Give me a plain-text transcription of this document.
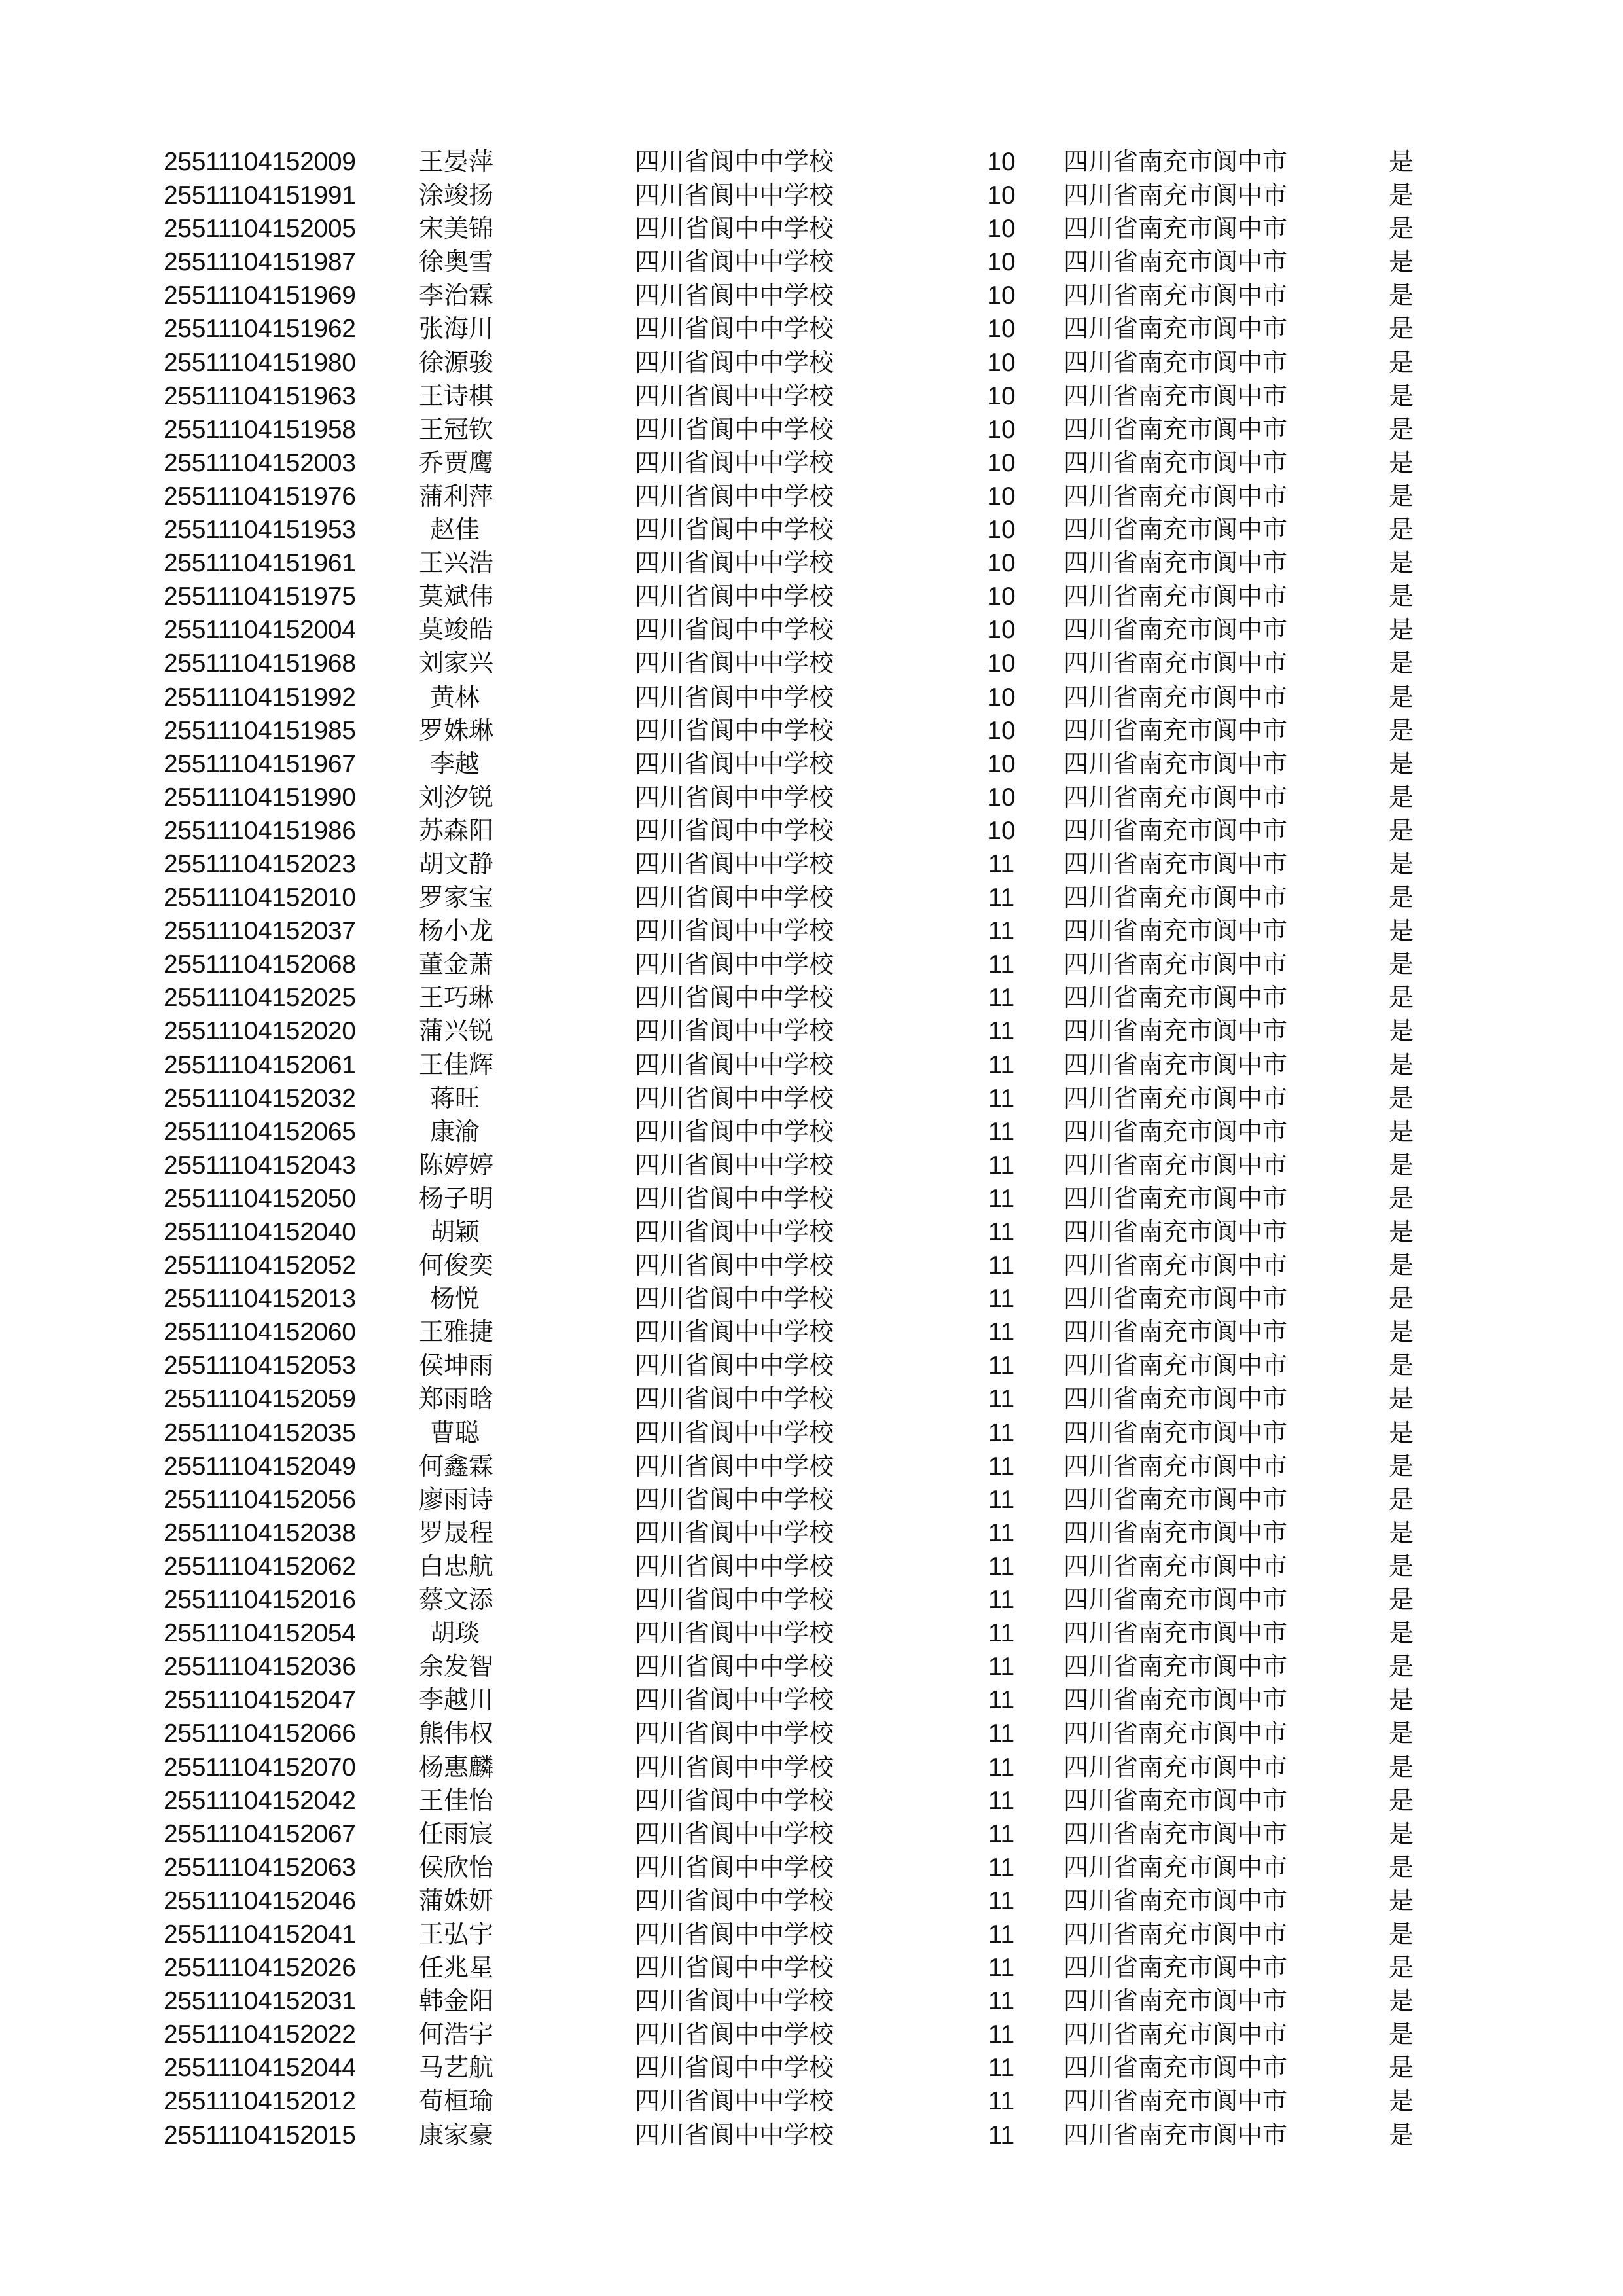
25511104152009	王晏萍	四川省阆中中学校	10	四川省南充市阆中市	是
25511104151991	涂竣扬	四川省阆中中学校	10	四川省南充市阆中市	是
25511104152005	宋美锦	四川省阆中中学校	10	四川省南充市阆中市	是
25511104151987	徐奥雪	四川省阆中中学校	10	四川省南充市阆中市	是
25511104151969	李治霖	四川省阆中中学校	10	四川省南充市阆中市	是
25511104151962	张海川	四川省阆中中学校	10	四川省南充市阆中市	是
25511104151980	徐源骏	四川省阆中中学校	10	四川省南充市阆中市	是
25511104151963	王诗棋	四川省阆中中学校	10	四川省南充市阆中市	是
25511104151958	王冠钦	四川省阆中中学校	10	四川省南充市阆中市	是
25511104152003	乔贾鹰	四川省阆中中学校	10	四川省南充市阆中市	是
25511104151976	蒲利萍	四川省阆中中学校	10	四川省南充市阆中市	是
25511104151953	赵佳	四川省阆中中学校	10	四川省南充市阆中市	是
25511104151961	王兴浩	四川省阆中中学校	10	四川省南充市阆中市	是
25511104151975	莫斌伟	四川省阆中中学校	10	四川省南充市阆中市	是
25511104152004	莫竣皓	四川省阆中中学校	10	四川省南充市阆中市	是
25511104151968	刘家兴	四川省阆中中学校	10	四川省南充市阆中市	是
25511104151992	黄林	四川省阆中中学校	10	四川省南充市阆中市	是
25511104151985	罗姝琳	四川省阆中中学校	10	四川省南充市阆中市	是
25511104151967	李越	四川省阆中中学校	10	四川省南充市阆中市	是
25511104151990	刘汐锐	四川省阆中中学校	10	四川省南充市阆中市	是
25511104151986	苏森阳	四川省阆中中学校	10	四川省南充市阆中市	是
25511104152023	胡文静	四川省阆中中学校	11	四川省南充市阆中市	是
25511104152010	罗家宝	四川省阆中中学校	11	四川省南充市阆中市	是
25511104152037	杨小龙	四川省阆中中学校	11	四川省南充市阆中市	是
25511104152068	董金萧	四川省阆中中学校	11	四川省南充市阆中市	是
25511104152025	王巧琳	四川省阆中中学校	11	四川省南充市阆中市	是
25511104152020	蒲兴锐	四川省阆中中学校	11	四川省南充市阆中市	是
25511104152061	王佳辉	四川省阆中中学校	11	四川省南充市阆中市	是
25511104152032	蒋旺	四川省阆中中学校	11	四川省南充市阆中市	是
25511104152065	康渝	四川省阆中中学校	11	四川省南充市阆中市	是
25511104152043	陈婷婷	四川省阆中中学校	11	四川省南充市阆中市	是
25511104152050	杨子明	四川省阆中中学校	11	四川省南充市阆中市	是
25511104152040	胡颖	四川省阆中中学校	11	四川省南充市阆中市	是
25511104152052	何俊奕	四川省阆中中学校	11	四川省南充市阆中市	是
25511104152013	杨悦	四川省阆中中学校	11	四川省南充市阆中市	是
25511104152060	王雅捷	四川省阆中中学校	11	四川省南充市阆中市	是
25511104152053	侯坤雨	四川省阆中中学校	11	四川省南充市阆中市	是
25511104152059	郑雨晗	四川省阆中中学校	11	四川省南充市阆中市	是
25511104152035	曹聪	四川省阆中中学校	11	四川省南充市阆中市	是
25511104152049	何鑫霖	四川省阆中中学校	11	四川省南充市阆中市	是
25511104152056	廖雨诗	四川省阆中中学校	11	四川省南充市阆中市	是
25511104152038	罗晟程	四川省阆中中学校	11	四川省南充市阆中市	是
25511104152062	白忠航	四川省阆中中学校	11	四川省南充市阆中市	是
25511104152016	蔡文添	四川省阆中中学校	11	四川省南充市阆中市	是
25511104152054	胡琰	四川省阆中中学校	11	四川省南充市阆中市	是
25511104152036	余发智	四川省阆中中学校	11	四川省南充市阆中市	是
25511104152047	李越川	四川省阆中中学校	11	四川省南充市阆中市	是
25511104152066	熊伟权	四川省阆中中学校	11	四川省南充市阆中市	是
25511104152070	杨惠麟	四川省阆中中学校	11	四川省南充市阆中市	是
25511104152042	王佳怡	四川省阆中中学校	11	四川省南充市阆中市	是
25511104152067	任雨宸	四川省阆中中学校	11	四川省南充市阆中市	是
25511104152063	侯欣怡	四川省阆中中学校	11	四川省南充市阆中市	是
25511104152046	蒲姝妍	四川省阆中中学校	11	四川省南充市阆中市	是
25511104152041	王弘宇	四川省阆中中学校	11	四川省南充市阆中市	是
25511104152026	任兆星	四川省阆中中学校	11	四川省南充市阆中市	是
25511104152031	韩金阳	四川省阆中中学校	11	四川省南充市阆中市	是
25511104152022	何浩宇	四川省阆中中学校	11	四川省南充市阆中市	是
25511104152044	马艺航	四川省阆中中学校	11	四川省南充市阆中市	是
25511104152012	荀桓瑜	四川省阆中中学校	11	四川省南充市阆中市	是
25511104152015	康家豪	四川省阆中中学校	11	四川省南充市阆中市	是
